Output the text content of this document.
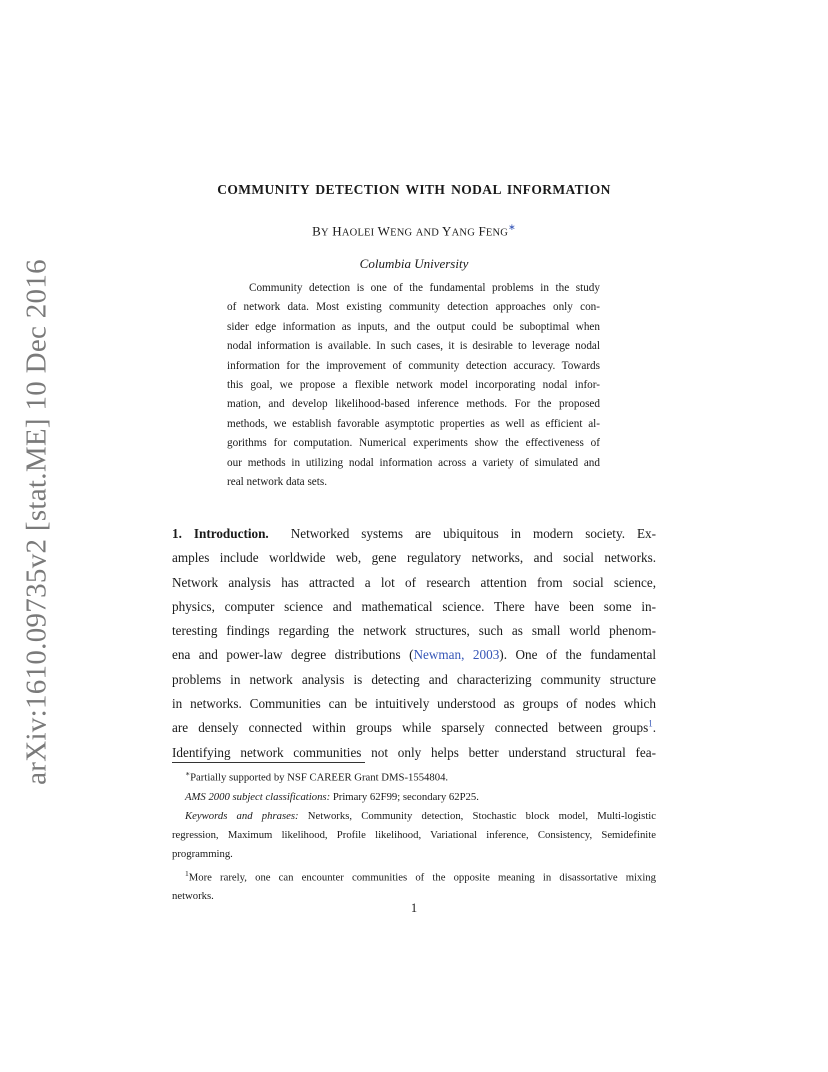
arXiv:1610.09735v2 [stat.ME] 10 Dec 2016
COMMUNITY DETECTION WITH NODAL INFORMATION
BY HAOLEI WENG AND YANG FENG∗
Columbia University
Community detection is one of the fundamental problems in the study
of network data. Most existing community detection approaches only con-
sider edge information as inputs, and the output could be suboptimal when
nodal information is available. In such cases, it is desirable to leverage nodal
information for the improvement of community detection accuracy. Towards
this goal, we propose a flexible network model incorporating nodal infor-
mation, and develop likelihood-based inference methods. For the proposed
methods, we establish favorable asymptotic properties as well as efficient al-
gorithms for computation. Numerical experiments show the effectiveness of
our methods in utilizing nodal information across a variety of simulated and
real network data sets.
1. Introduction. Networked systems are ubiquitous in modern society. Ex-
amples include worldwide web, gene regulatory networks, and social networks.
Network analysis has attracted a lot of research attention from social science,
physics, computer science and mathematical science. There have been some in-
teresting findings regarding the network structures, such as small world phenom-
ena and power-law degree distributions (Newman, 2003). One of the fundamental
problems in network analysis is detecting and characterizing community structure
in networks. Communities can be intuitively understood as groups of nodes which
are densely connected within groups while sparsely connected between groups$^1$.
Identifying network communities not only helps better understand structural fea-
∗Partially supported by NSF CAREER Grant DMS-1554804.
AMS 2000 subject classifications: Primary 62F99; secondary 62P25.
Keywords and phrases: Networks, Community detection, Stochastic block model, Multi-logistic
regression, Maximum likelihood, Profile likelihood, Variational inference, Consistency, Semidefinite
programming.
$^1$More rarely, one can encounter communities of the opposite meaning in disassortative mixing
networks.
1
